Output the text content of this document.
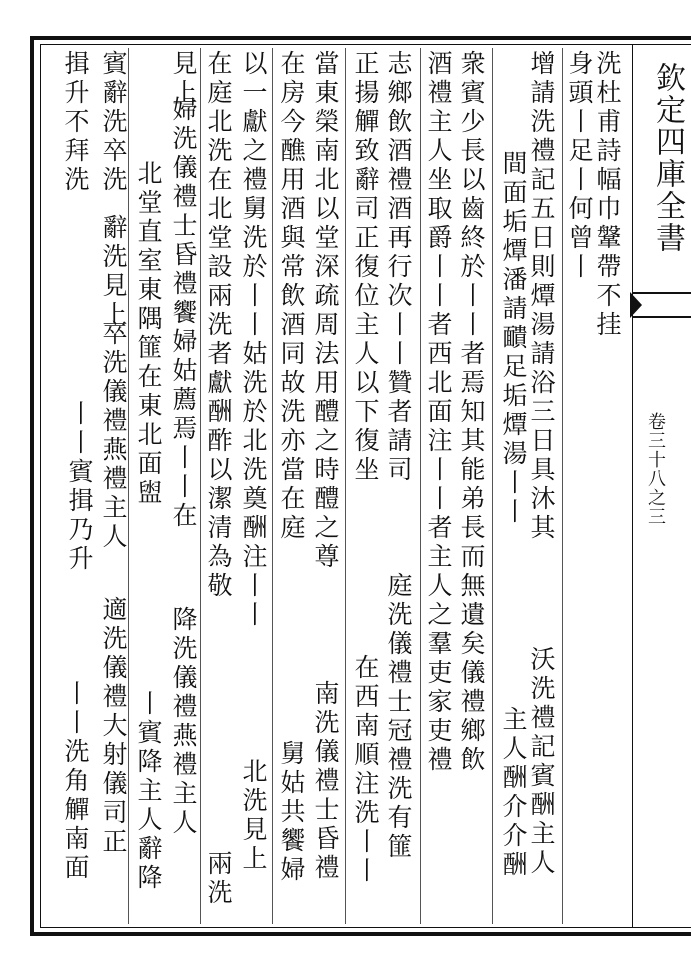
欽定四庫全書
卷三十八之三
洗杜甫詩幅巾鞶帶不挂
身頭丨足丨何曾丨
增請洗禮記五日則燂湯請浴三日具沐其
間面垢燂潘請靧足垢燂湯丨丨
沃洗禮記賓酬主人
主人酬介介酬
衆賓少長以齒終於丨丨者焉知其能弟長而無遺矣儀禮鄉飲
酒禮主人坐取爵丨丨者西北面注丨丨者主人之羣吏家吏禮
志鄉飲酒禮酒再行次丨丨贊者請司
正揚觶致辭司正復位主人以下復坐
庭洗儀禮士冠禮洗有篚
在西南順注洗丨丨
當東榮南北以堂深疏周法用醴之時醴之尊
在房今醮用酒與常飲酒同故洗亦當在庭
南洗儀禮士昏禮
舅姑共饗婦
以一獻之禮舅洗於丨丨姑洗於北洗奠酬注丨丨
在庭北洗在北堂設兩洗者獻酬酢以潔清為敬
北洗見上
兩洗
見上
婦洗儀禮士昏禮饗婦姑薦焉丨丨在
北堂直室東隅篚在東北面盥
降洗儀禮燕禮主人
丨賓降主人辭降
賓辭洗卒洗
辭洗見上
卒洗儀禮燕禮主人
丨丨賓揖乃升
揖升不拜洗
適洗儀禮大射儀司正
丨丨洗角觶南面
